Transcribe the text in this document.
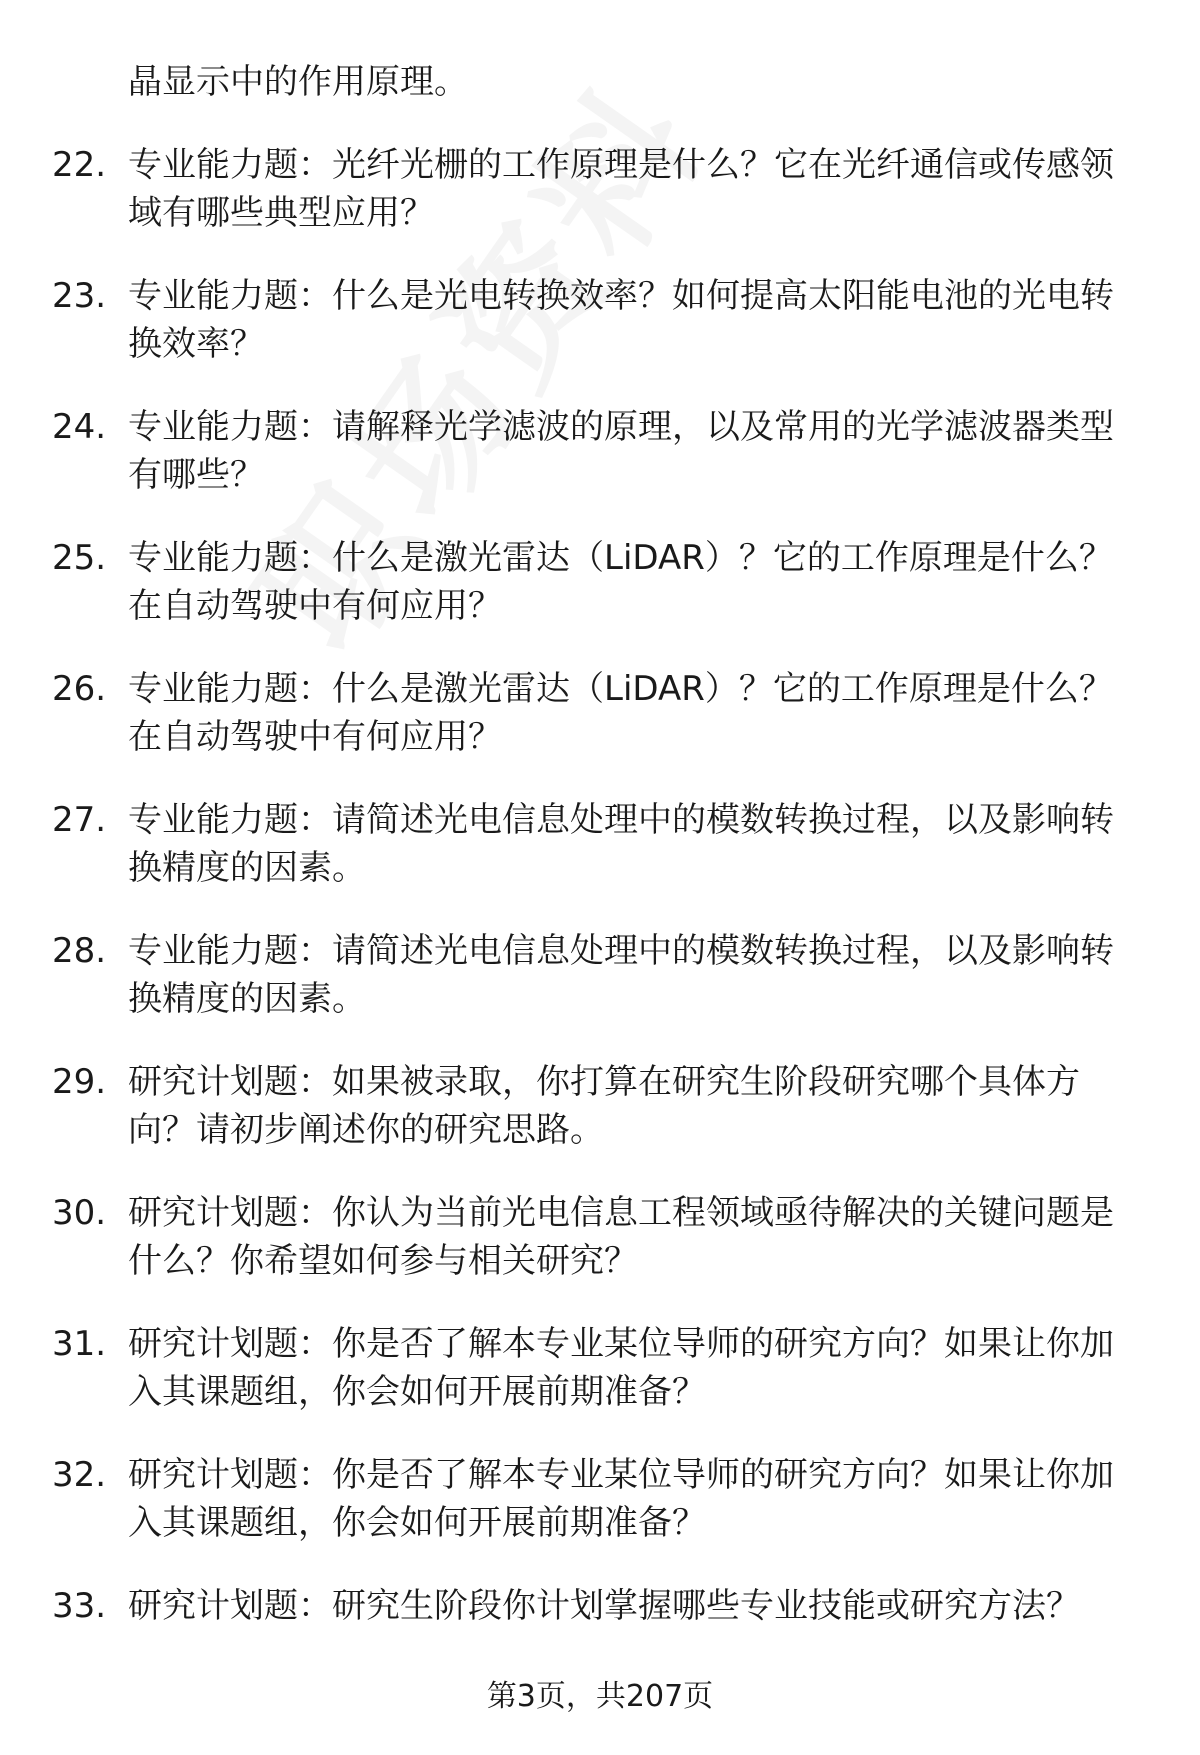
晶显示中的作用原理。
22. 专业能力题：光纤光栅的工作原理是什么？它在光纤通信或传感领域有哪些典型应用？
23. 专业能力题：什么是光电转换效率？如何提高太阳能电池的光电转换效率？
24. 专业能力题：请解释光学滤波的原理，以及常用的光学滤波器类型有哪些？
25. 专业能力题：什么是激光雷达（LiDAR）？它的工作原理是什么？在自动驾驶中有何应用？
26. 专业能力题：什么是激光雷达（LiDAR）？它的工作原理是什么？在自动驾驶中有何应用？
27. 专业能力题：请简述光电信息处理中的模数转换过程，以及影响转换精度的因素。
28. 专业能力题：请简述光电信息处理中的模数转换过程，以及影响转换精度的因素。
29. 研究计划题：如果被录取，你打算在研究生阶段研究哪个具体方向？请初步阐述你的研究思路。
30. 研究计划题：你认为当前光电信息工程领域亟待解决的关键问题是什么？你希望如何参与相关研究？
31. 研究计划题：你是否了解本专业某位导师的研究方向？如果让你加入其课题组，你会如何开展前期准备？
32. 研究计划题：你是否了解本专业某位导师的研究方向？如果让你加入其课题组，你会如何开展前期准备？
33. 研究计划题：研究生阶段你计划掌握哪些专业技能或研究方法？
第3页，共207页
